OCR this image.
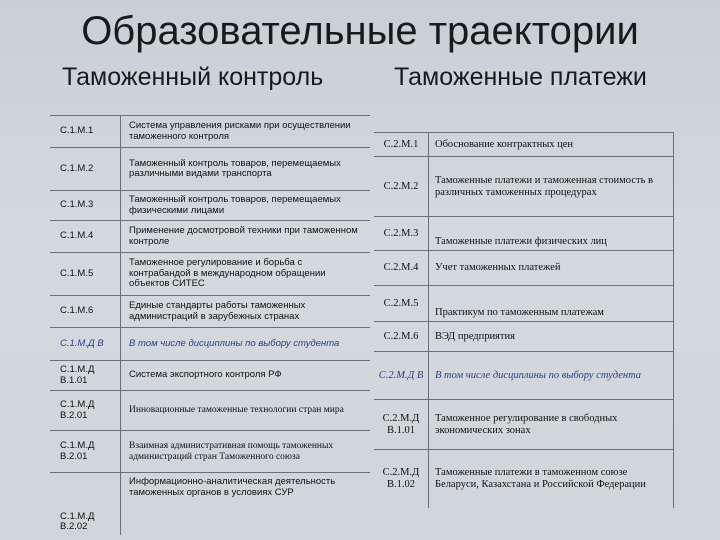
Образовательные траектории
Таможенный контроль	Таможенные платежи
С.1.М.1	Система управления рисками при осуществлении таможенного контроля
С.1.М.2	Таможенный контроль товаров, перемещаемых различными видами транспорта
С.1.М.3	Таможенный контроль товаров, перемещаемых физическими лицами
С.1.М.4	Применение досмотровой техники при таможенном контроле
С.1.М.5	Таможенное регулирование и борьба с контрабандой в международном обращении объектов СИТЕС
С.1.М.6	Единые стандарты работы таможенных администраций в зарубежных странах
С.1.М.Д В	В том числе дисциплины по выбору студента
С.1.М.Д В.1.01	Система экспортного контроля РФ
С.1.М.Д В.2.01	Инновационные таможенные технологии стран мира
С.1.М.Д В.2.01	Взаимная административная помощь таможенных администраций стран Таможенного союза
С.1.М.Д В.2.02	Информационно-аналитическая деятельность таможенных органов в условиях СУР
С.2.М.1	Обоснование контрактных цен
С.2.М.2	Таможенные платежи и таможенная стоимость в различных таможенных процедурах
С.2.М.3	Таможенные платежи физических лиц
С.2.М.4	Учет таможенных платежей
С.2.М.5	Практикум по таможенным платежам
С.2.М.6	ВЭД предприятия
С.2.М.Д В	В том числе дисциплины по выбору студента
С.2.М.Д В.1.01	Таможенное регулирование в свободных экономических зонах
С.2.М.Д В.1.02	Таможенные платежи в таможенном союзе Беларуси, Казахстана и Российской Федерации
